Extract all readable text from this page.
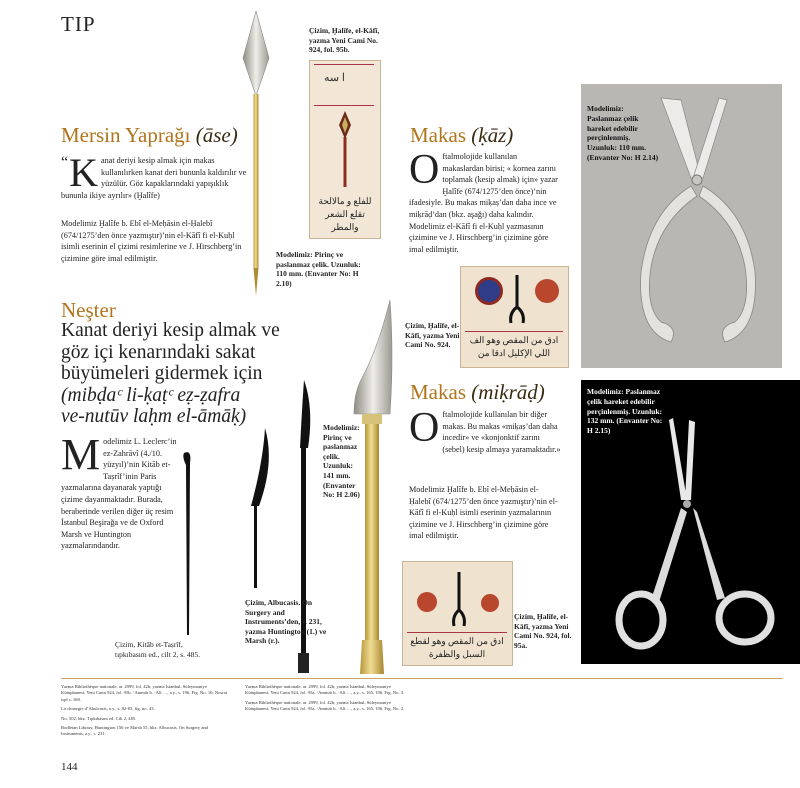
TIP	Çizim, Ḫalîfe, el-Kāfî, yazma Yeni Cami No. 924, fol. 95b.
ا سه
للفلع و مالالحة تقلع الشعر والمطر
Modelimiz: Pirinç ve paslanmaz çelik. Uzunluk: 110 mm. (Envanter No: H 2.10)
Mersin Yaprağı (āse)
“ K anat deriyi kesip almak için makas kullanılırken kanat deri bununla kaldırılır ve yüzülür. Göz kapaklarındaki yapışıklık bununla ikiye ayrılır» (Ḫalîfe)
Modelimiz Ḫalîfe b. Ebî el-Meḥāsin el-Ḥalebî (674/1275’den önce yazmıştır)’nin el-Kāfî fi el-Kuḥl isimli eserinin el çizimi resimlerine ve J. Hirschberg’in çizimine göre imal edilmiştir.
Neşter
Kanat deriyi kesip almak ve
göz içi kenarındaki sakat
büyümeleri gidermek için
(mibḍaᶜ li-ḳaṭᶜ eẓ-ẓafra
ve-nutūv laḥm el-āmāḳ)
M odelimiz L. Leclerc’in ez-Zahrāvî (4./10. yüzyıl)’nin Kitāb et-Taṣrîf’inin Paris yazmalarına dayanarak yaptığı çizime dayanmaktadır. Burada, beraberinde verilen diğer üç resim İstanbul Beşirağa ve de Oxford Marsh ve Huntington yazmalarındandır.
Çizim, Kitāb et-Taṣrîf, tıpkıbasım ed., cilt 2, s. 485.
Çizim, Albucasis. On Surgery and Instruments’den, s. 231, yazma Huntington (1.) ve Marsh (r.).
Modelimiz: Pirinç ve paslanmaz çelik. Uzunluk: 141 mm. (Envanter No: H 2.06)
Makas (ḳāz)
O ftalmolojide kullanılan makaslardan birisi; « kornea zarını toplamak (kesip almak) için» yazar Ḫalîfe (674/1275’den önce)’nin ifadesiyle. Bu makas miḳaṣ’dan daha ince ve miḳrāḍ’dan (bkz. aşağı) daha kalındır. Modelimiz el-Kāfî fi el-Kuḥl yazmasının çizimine ve J. Hirschberg’in çizimine göre imal edilmiştir.
Modelimiz: Paslanmaz çelik hareket edebilir perçinlenmiş. Uzunluk: 110 mm. (Envanter No: H 2.14)
ادق من المقص وهو الف اللي الإكليل ادقا من
Çizim, Ḫalîfe, el-Kāfî, yazma Yeni Cami No. 924.
Makas (miḳrāḍ)
O ftalmolojide kullanılan bir diğer makas. Bu makas «miḳaṣ’dan daha incedir» ve «konjonktif zarını (sebel) kesip almaya yaramaktadır.»
Modelimiz Ḫalîfe b. Ebî el-Meḥāsin el-Ḥalebî (674/1275’den önce yazmıştır)’nin el-Kāfî fi el-Kuḥl isimli eserinin yazmalarının çizimine ve J. Hirschberg’in çizimine göre imal edilmiştir.
Modelimiz: Paslanmaz çelik hareket edebilir perçinlenmiş. Uzunluk: 132 mm. (Envanter No: H 2.15)
ادق من المقص وهو لقطع السبل والظفرة
Çizim, Ḫalîfe, el-Kāfî, yazma Yeni Cami No. 924, fol. 95a.
Yazma Bibliothèque nationale, ar. 2999, fol. 42b; yazma İstanbul, Süleymaniye Kütüphanesi, Yeni Cami 924, fol. 95b. ‘Ammār b. ‘Alī …, a.y., s. 196, Fig. No. 10; Nosrat ispl s. 168.
La chirurgie d’Abulcasis, a.y., s. 82-83, fig. no. 43.
No. 502, bkz. Tıpkıbasım ed. Cilt 2, 485.
Bodleian Library, Huntington 156 ve Marsh 55, bkz. Albucasis. On Surgery and Instruments, a.y., s. 231.
Yazma Bibliothèque nationale, ar. 2999, fol. 42b; yazma İstanbul, Süleymaniye Kütüphanesi, Yeni Cami 924, fol. 95a. ‘Ammār b. ‘Alī …, a.y., s. 165, 196, Fig. No. 3.
Yazma Bibliothèque nationale, ar. 2999, fol. 42b; yazma İstanbul, Süleymaniye Kütüphanesi, Yeni Cami 924, fol. 95a. ‘Ammār b. ‘Alī …, a.y., s. 165, 196, Fig. No. 2.
144
